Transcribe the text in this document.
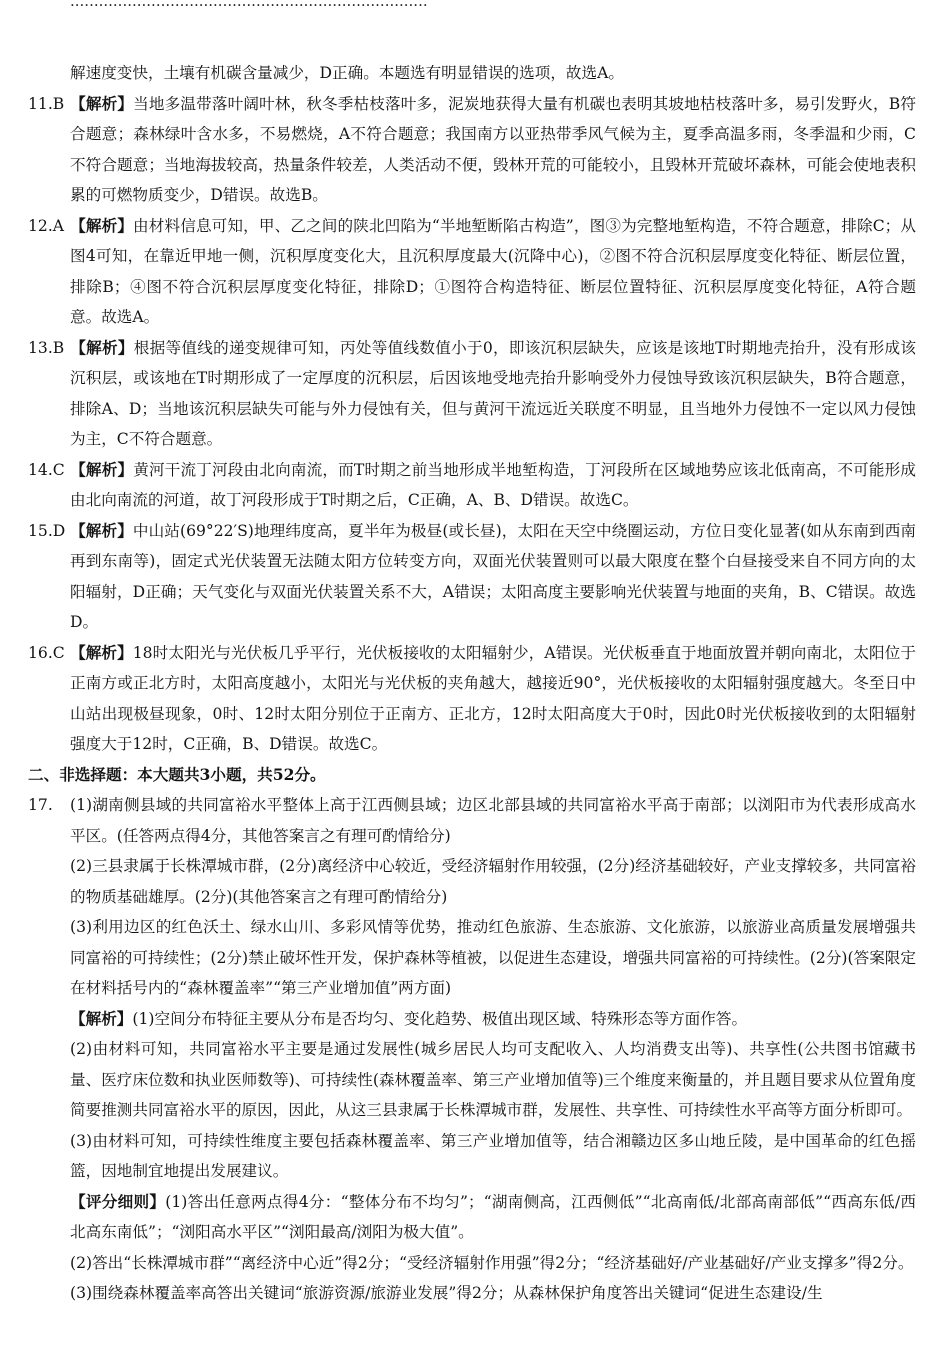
...........................................................................

解速度变快，土壤有机碳含量减少，D正确。本题选有明显错误的选项，故选A。

11.B 【解析】当地多温带落叶阔叶林，秋冬季枯枝落叶多，泥炭地获得大量有机碳也表明其坡地枯枝落叶多，易引发野火，B符合题意；森林绿叶含水多，不易燃烧，A不符合题意；我国南方以亚热带季风气候为主，夏季高温多雨，冬季温和少雨，C不符合题意；当地海拔较高，热量条件较差，人类活动不便，毁林开荒的可能较小，且毁林开荒破坏森林，可能会使地表积累的可燃物质变少，D错误。故选B。

12.A 【解析】由材料信息可知，甲、乙之间的陕北凹陷为“半地堑断陷古构造”，图③为完整地堑构造，不符合题意，排除C；从图4可知，在靠近甲地一侧，沉积厚度变化大，且沉积厚度最大(沉降中心)，②图不符合沉积层厚度变化特征、断层位置，排除B；④图不符合沉积层厚度变化特征，排除D；①图符合构造特征、断层位置特征、沉积层厚度变化特征，A符合题意。故选A。

13.B 【解析】根据等值线的递变规律可知，丙处等值线数值小于0，即该沉积层缺失，应该是该地T时期地壳抬升，没有形成该沉积层，或该地在T时期形成了一定厚度的沉积层，后因该地受地壳抬升影响受外力侵蚀导致该沉积层缺失，B符合题意，排除A、D；当地该沉积层缺失可能与外力侵蚀有关，但与黄河干流远近关联度不明显，且当地外力侵蚀不一定以风力侵蚀为主，C不符合题意。

14.C 【解析】黄河干流丁河段由北向南流，而T时期之前当地形成半地堑构造，丁河段所在区域地势应该北低南高，不可能形成由北向南流的河道，故丁河段形成于T时期之后，C正确，A、B、D错误。故选C。

15.D 【解析】中山站(69°22′S)地理纬度高，夏半年为极昼(或长昼)，太阳在天空中绕圈运动，方位日变化显著(如从东南到西南再到东南等)，固定式光伏装置无法随太阳方位转变方向，双面光伏装置则可以最大限度在整个白昼接受来自不同方向的太阳辐射，D正确；天气变化与双面光伏装置关系不大，A错误；太阳高度主要影响光伏装置与地面的夹角，B、C错误。故选D。

16.C 【解析】18时太阳光与光伏板几乎平行，光伏板接收的太阳辐射少，A错误。光伏板垂直于地面放置并朝向南北，太阳位于正南方或正北方时，太阳高度越小，太阳光与光伏板的夹角越大，越接近90°，光伏板接收的太阳辐射强度越大。冬至日中山站出现极昼现象，0时、12时太阳分别位于正南方、正北方，12时太阳高度大于0时，因此0时光伏板接收到的太阳辐射强度大于12时，C正确，B、D错误。故选C。

二、非选择题：本大题共3小题，共52分。

17. (1)湖南侧县域的共同富裕水平整体上高于江西侧县域；边区北部县域的共同富裕水平高于南部；以浏阳市为代表形成高水平区。(任答两点得4分，其他答案言之有理可酌情给分)

(2)三县隶属于长株潭城市群，(2分)离经济中心较近，受经济辐射作用较强，(2分)经济基础较好，产业支撑较多，共同富裕的物质基础雄厚。(2分)(其他答案言之有理可酌情给分)

(3)利用边区的红色沃土、绿水山川、多彩风情等优势，推动红色旅游、生态旅游、文化旅游，以旅游业高质量发展增强共同富裕的可持续性；(2分)禁止破坏性开发，保护森林等植被，以促进生态建设，增强共同富裕的可持续性。(2分)(答案限定在材料括号内的“森林覆盖率”“第三产业增加值”两方面)

【解析】(1)空间分布特征主要从分布是否均匀、变化趋势、极值出现区域、特殊形态等方面作答。

(2)由材料可知，共同富裕水平主要是通过发展性(城乡居民人均可支配收入、人均消费支出等)、共享性(公共图书馆藏书量、医疗床位数和执业医师数等)、可持续性(森林覆盖率、第三产业增加值等)三个维度来衡量的，并且题目要求从位置角度简要推测共同富裕水平的原因，因此，从这三县隶属于长株潭城市群，发展性、共享性、可持续性水平高等方面分析即可。

(3)由材料可知，可持续性维度主要包括森林覆盖率、第三产业增加值等，结合湘赣边区多山地丘陵，是中国革命的红色摇篮，因地制宜地提出发展建议。

【评分细则】(1)答出任意两点得4分：“整体分布不均匀”；“湖南侧高，江西侧低”“北高南低/北部高南部低”“西高东低/西北高东南低”；“浏阳高水平区”“浏阳最高/浏阳为极大值”。

(2)答出“长株潭城市群”“离经济中心近”得2分；“受经济辐射作用强”得2分；“经济基础好/产业基础好/产业支撑多”得2分。

(3)围绕森林覆盖率高答出关键词“旅游资源/旅游业发展”得2分；从森林保护角度答出关键词“促进生态建设/生
